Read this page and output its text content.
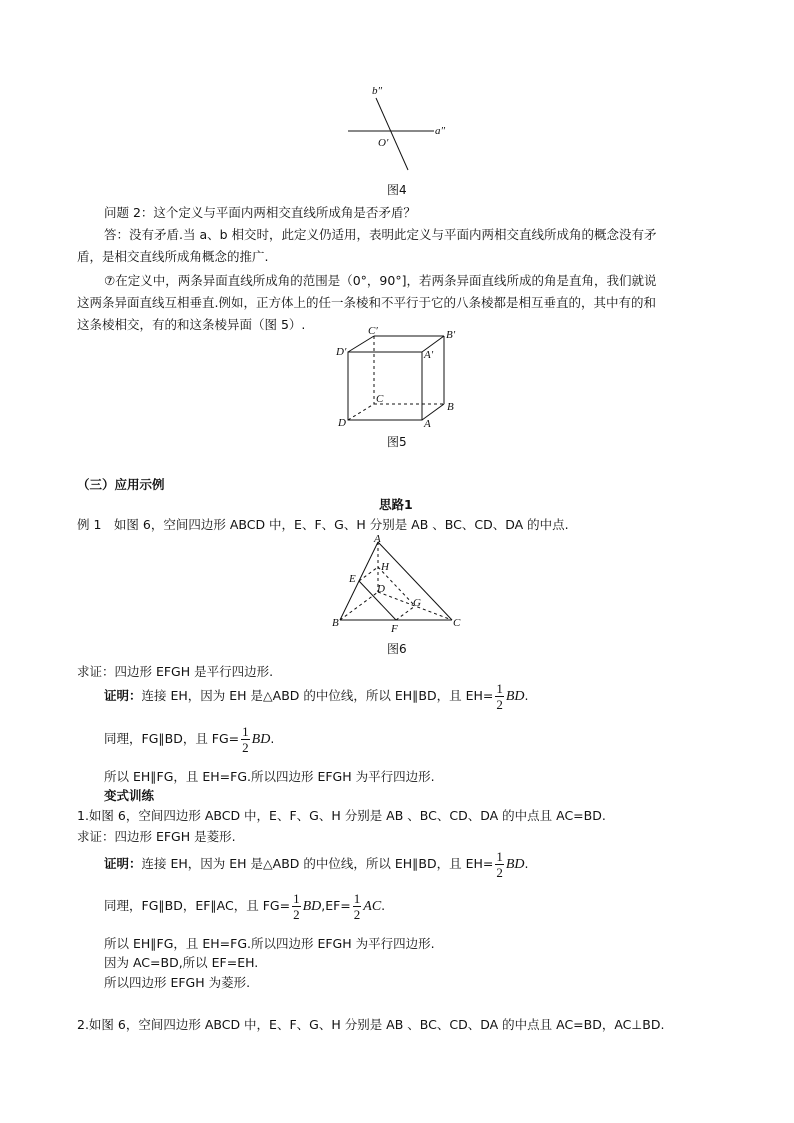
b″
a″
O′
图4
问题 2：这个定义与平面内两相交直线所成角是否矛盾？
答：没有矛盾.当 a、b 相交时，此定义仍适用，表明此定义与平面内两相交直线所成角的概念没有矛
盾，是相交直线所成角概念的推广.
⑦在定义中，两条异面直线所成角的范围是（0°，90°]，若两条异面直线所成的角是直角，我们就说
这两条异面直线互相垂直.例如，正方体上的任一条棱和不平行于它的八条棱都是相互垂直的，其中有的和
这条棱相交，有的和这条棱异面（图 5）.	C′	B′
D′	A′
C
B
D	A
图5
（三）应用示例
思路1
例 1　如图 6，空间四边形 ABCD 中，E、F、G、H 分别是 AB 、BC、CD、DA 的中点.
A
H
E
D
G
B	F	C
图6
求证：四边形 EFGH 是平行四边形.
证明：连接 EH，因为 EH 是△ABD 的中位线，所以 EH∥BD，且 $EH= \frac{1}{2}$ BD.
同理，FG∥BD，且 $FG= \frac{1}{2}$ BD.
所以 EH∥FG，且 EH=FG.所以四边形 EFGH 为平行四边形.
变式训练
1.如图 6，空间四边形 ABCD 中，E、F、G、H 分别是 AB 、BC、CD、DA 的中点且 AC=BD.
求证：四边形 EFGH 是菱形.
证明：连接 EH，因为 EH 是△ABD 的中位线，所以 EH∥BD，且 $EH= \frac{1}{2}$ BD.
同理，FG∥BD，EF∥AC，且 $FG= \frac{1}{2} BD,EF= \frac{1}{2}$ AC.
所以 EH∥FG，且 EH=FG.所以四边形 EFGH 为平行四边形.
因为 AC=BD,所以 EF=EH.
所以四边形 EFGH 为菱形.
2.如图 6，空间四边形 ABCD 中，E、F、G、H 分别是 AB 、BC、CD、DA 的中点且 AC=BD，AC⊥BD.
